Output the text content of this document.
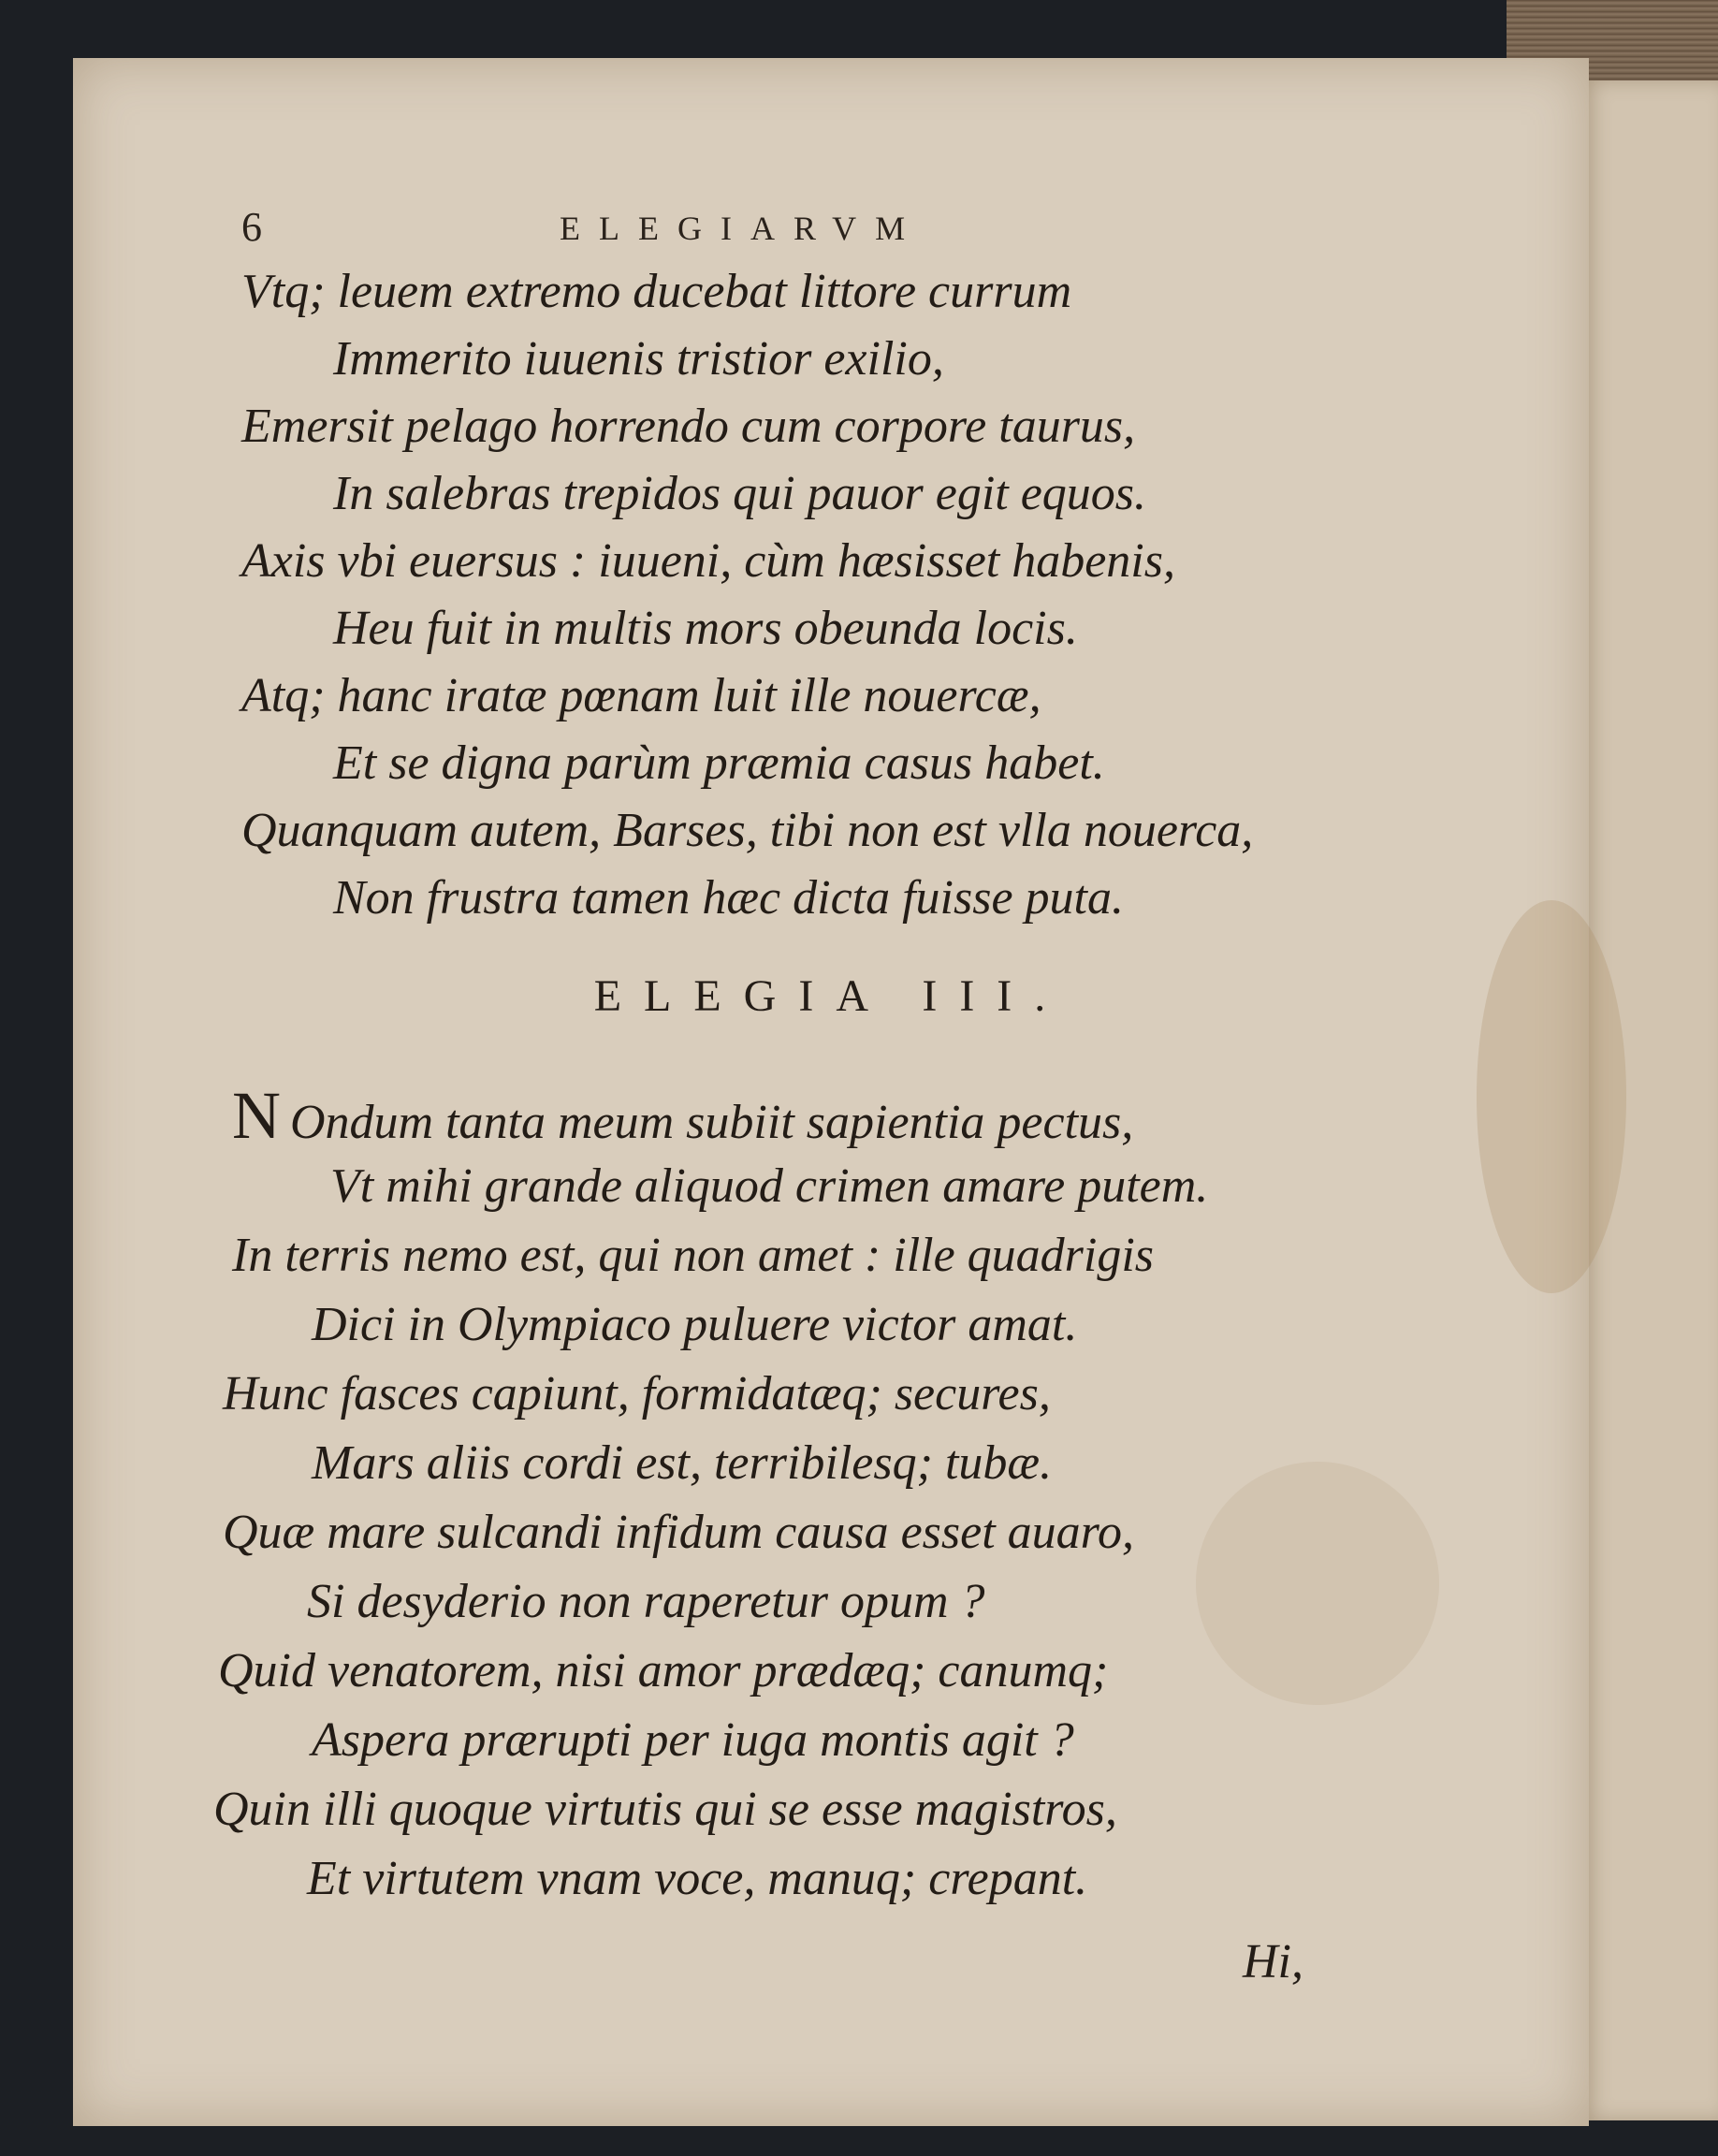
6	ELEGIARVM
Vtq; leuem extremo ducebat littore currum
Immerito iuuenis tristior exilio,
Emersit pelago horrendo cum corpore taurus,
In salebras trepidos qui pauor egit equos.
Axis vbi euersus : iuueni, cùm hæsisset habenis,
Heu fuit in multis mors obeunda locis.
Atq; hanc iratæ pœnam luit ille nouercæ,
Et se digna parùm præmia casus habet.
Quanquam autem, Barses, tibi non est vlla nouerca,
Non frustra tamen hæc dicta fuisse puta.
ELEGIA III.
N Ondum tanta meum subiit sapientia pectus,
Vt mihi grande aliquod crimen amare putem.
In terris nemo est, qui non amet : ille quadrigis
Dici in Olympiaco puluere victor amat.
Hunc fasces capiunt, formidatæq; secures,
Mars aliis cordi est, terribilesq; tubæ.
Quæ mare sulcandi infidum causa esset auaro,
Si desyderio non raperetur opum ?
Quid venatorem, nisi amor prædæq; canumq;
Aspera prærupti per iuga montis agit ?
Quin illi quoque virtutis qui se esse magistros,
Et virtutem vnam voce, manuq; crepant.
Hi,
